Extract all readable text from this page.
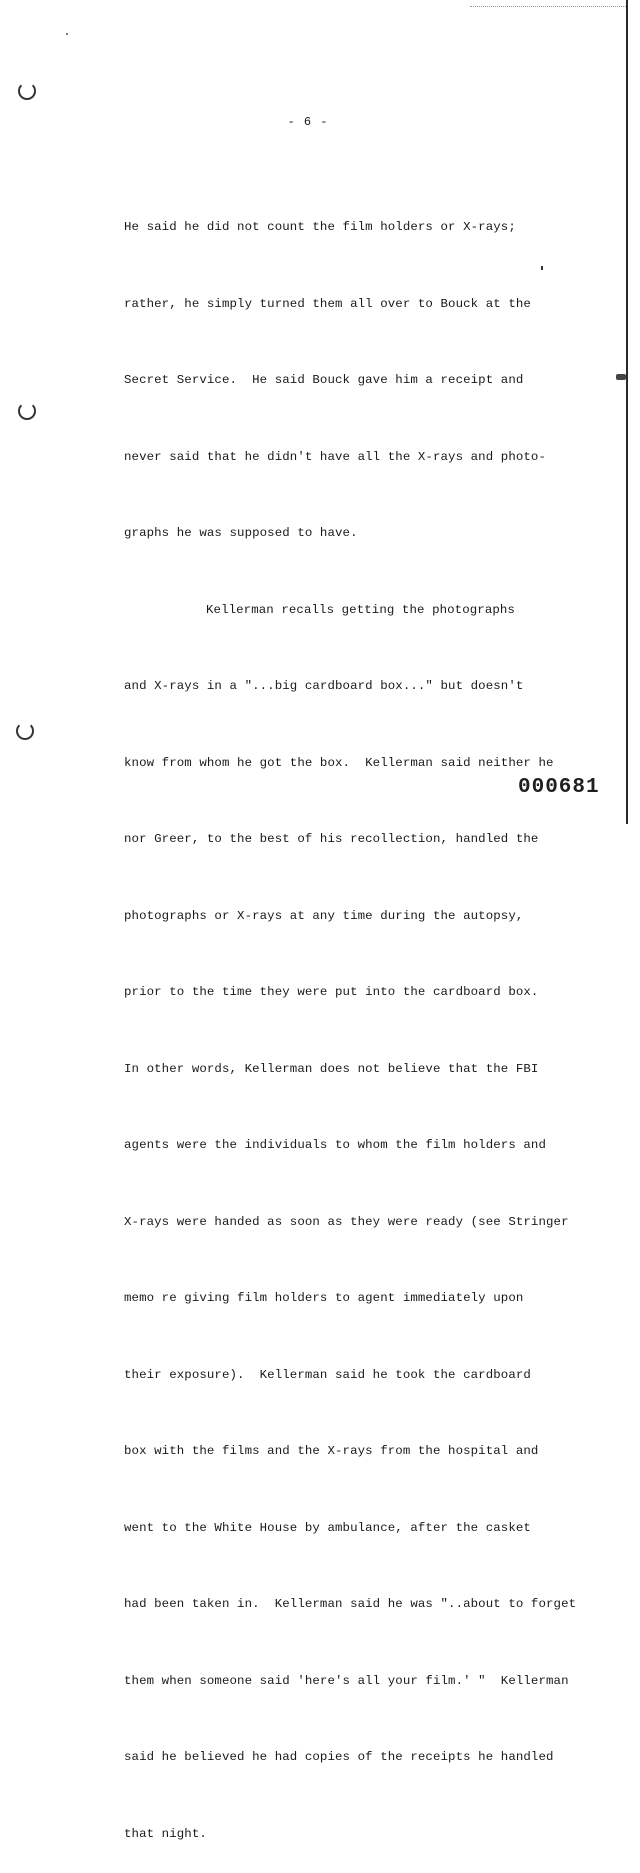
- 6 -

He said he did not count the film holders or X-rays;

rather, he simply turned them all over to Bouck at the

Secret Service.  He said Bouck gave him a receipt and

never said that he didn't have all the X-rays and photo-

graphs he was supposed to have.

Kellerman recalls getting the photographs

and X-rays in a "...big cardboard box..." but doesn't

know from whom he got the box.  Kellerman said neither he

nor Greer, to the best of his recollection, handled the

photographs or X-rays at any time during the autopsy,

prior to the time they were put into the cardboard box.

In other words, Kellerman does not believe that the FBI

agents were the individuals to whom the film holders and

X-rays were handed as soon as they were ready (see Stringer

memo re giving film holders to agent immediately upon

their exposure).  Kellerman said he took the cardboard

box with the films and the X-rays from the hospital and

went to the White House by ambulance, after the casket

had been taken in.  Kellerman said he was "..about to forget

them when someone said 'here's all your film.' "  Kellerman

said he believed he had copies of the receipts he handled

that night.

000681
